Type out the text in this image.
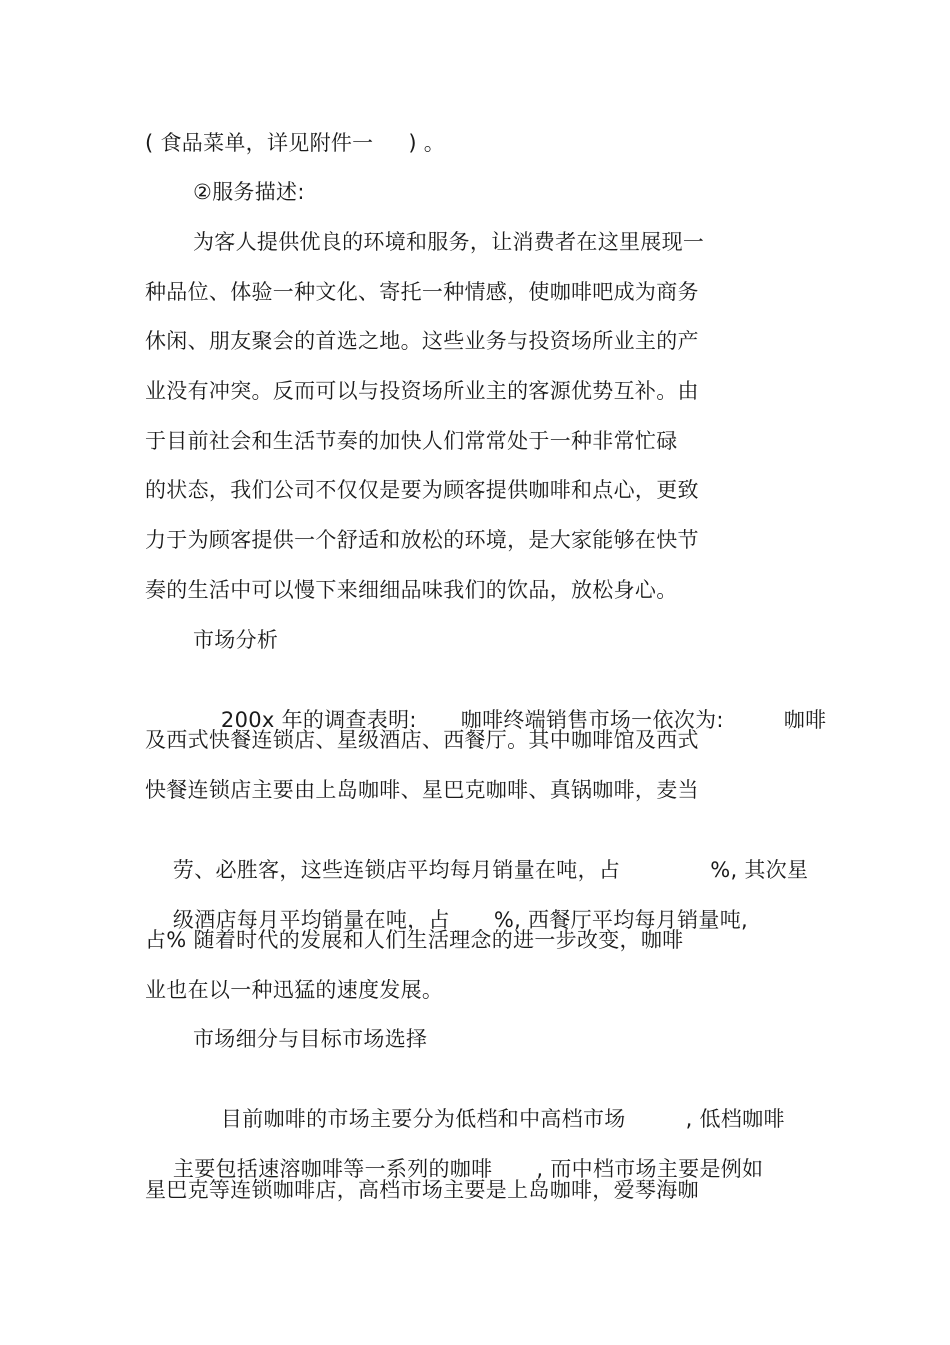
( 食品菜单，详见附件一     ) 。
②服务描述:
为客人提供优良的环境和服务，让消费者在这里展现一
种品位、体验一种文化、寄托一种情感，使咖啡吧成为商务
休闲、朋友聚会的首选之地。这些业务与投资场所业主的产
业没有冲突。反而可以与投资场所业主的客源优势互补。由
于目前社会和生活节奏的加快人们常常处于一种非常忙碌
的状态，我们公司不仅仅是要为顾客提供咖啡和点心，更致
力于为顾客提供一个舒适和放松的环境，是大家能够在快节
奏的生活中可以慢下来细细品味我们的饮品，放松身心。
市场分析

200x 年的调查表明: 咖啡终端销售市场一依次为:	咖啡

及西式快餐连锁店、星级酒店、西餐厅。其中咖啡馆及西式
快餐连锁店主要由上岛咖啡、星巴克咖啡、真锅咖啡，麦当

劳、必胜客，这些连锁店平均每月销量在吨，占	%, 其次星

级酒店每月平均销量在吨，占 %, 西餐厅平均每月销量吨,

占% 随着时代的发展和人们生活理念的进一步改变，咖啡
业也在以一种迅猛的速度发展。
市场细分与目标市场选择

目前咖啡的市场主要分为低档和中高档市场	, 低档咖啡

主要包括速溶咖啡等一系列的咖啡 , 而中档市场主要是例如

星巴克等连锁咖啡店，高档市场主要是上岛咖啡，爱琴海咖
